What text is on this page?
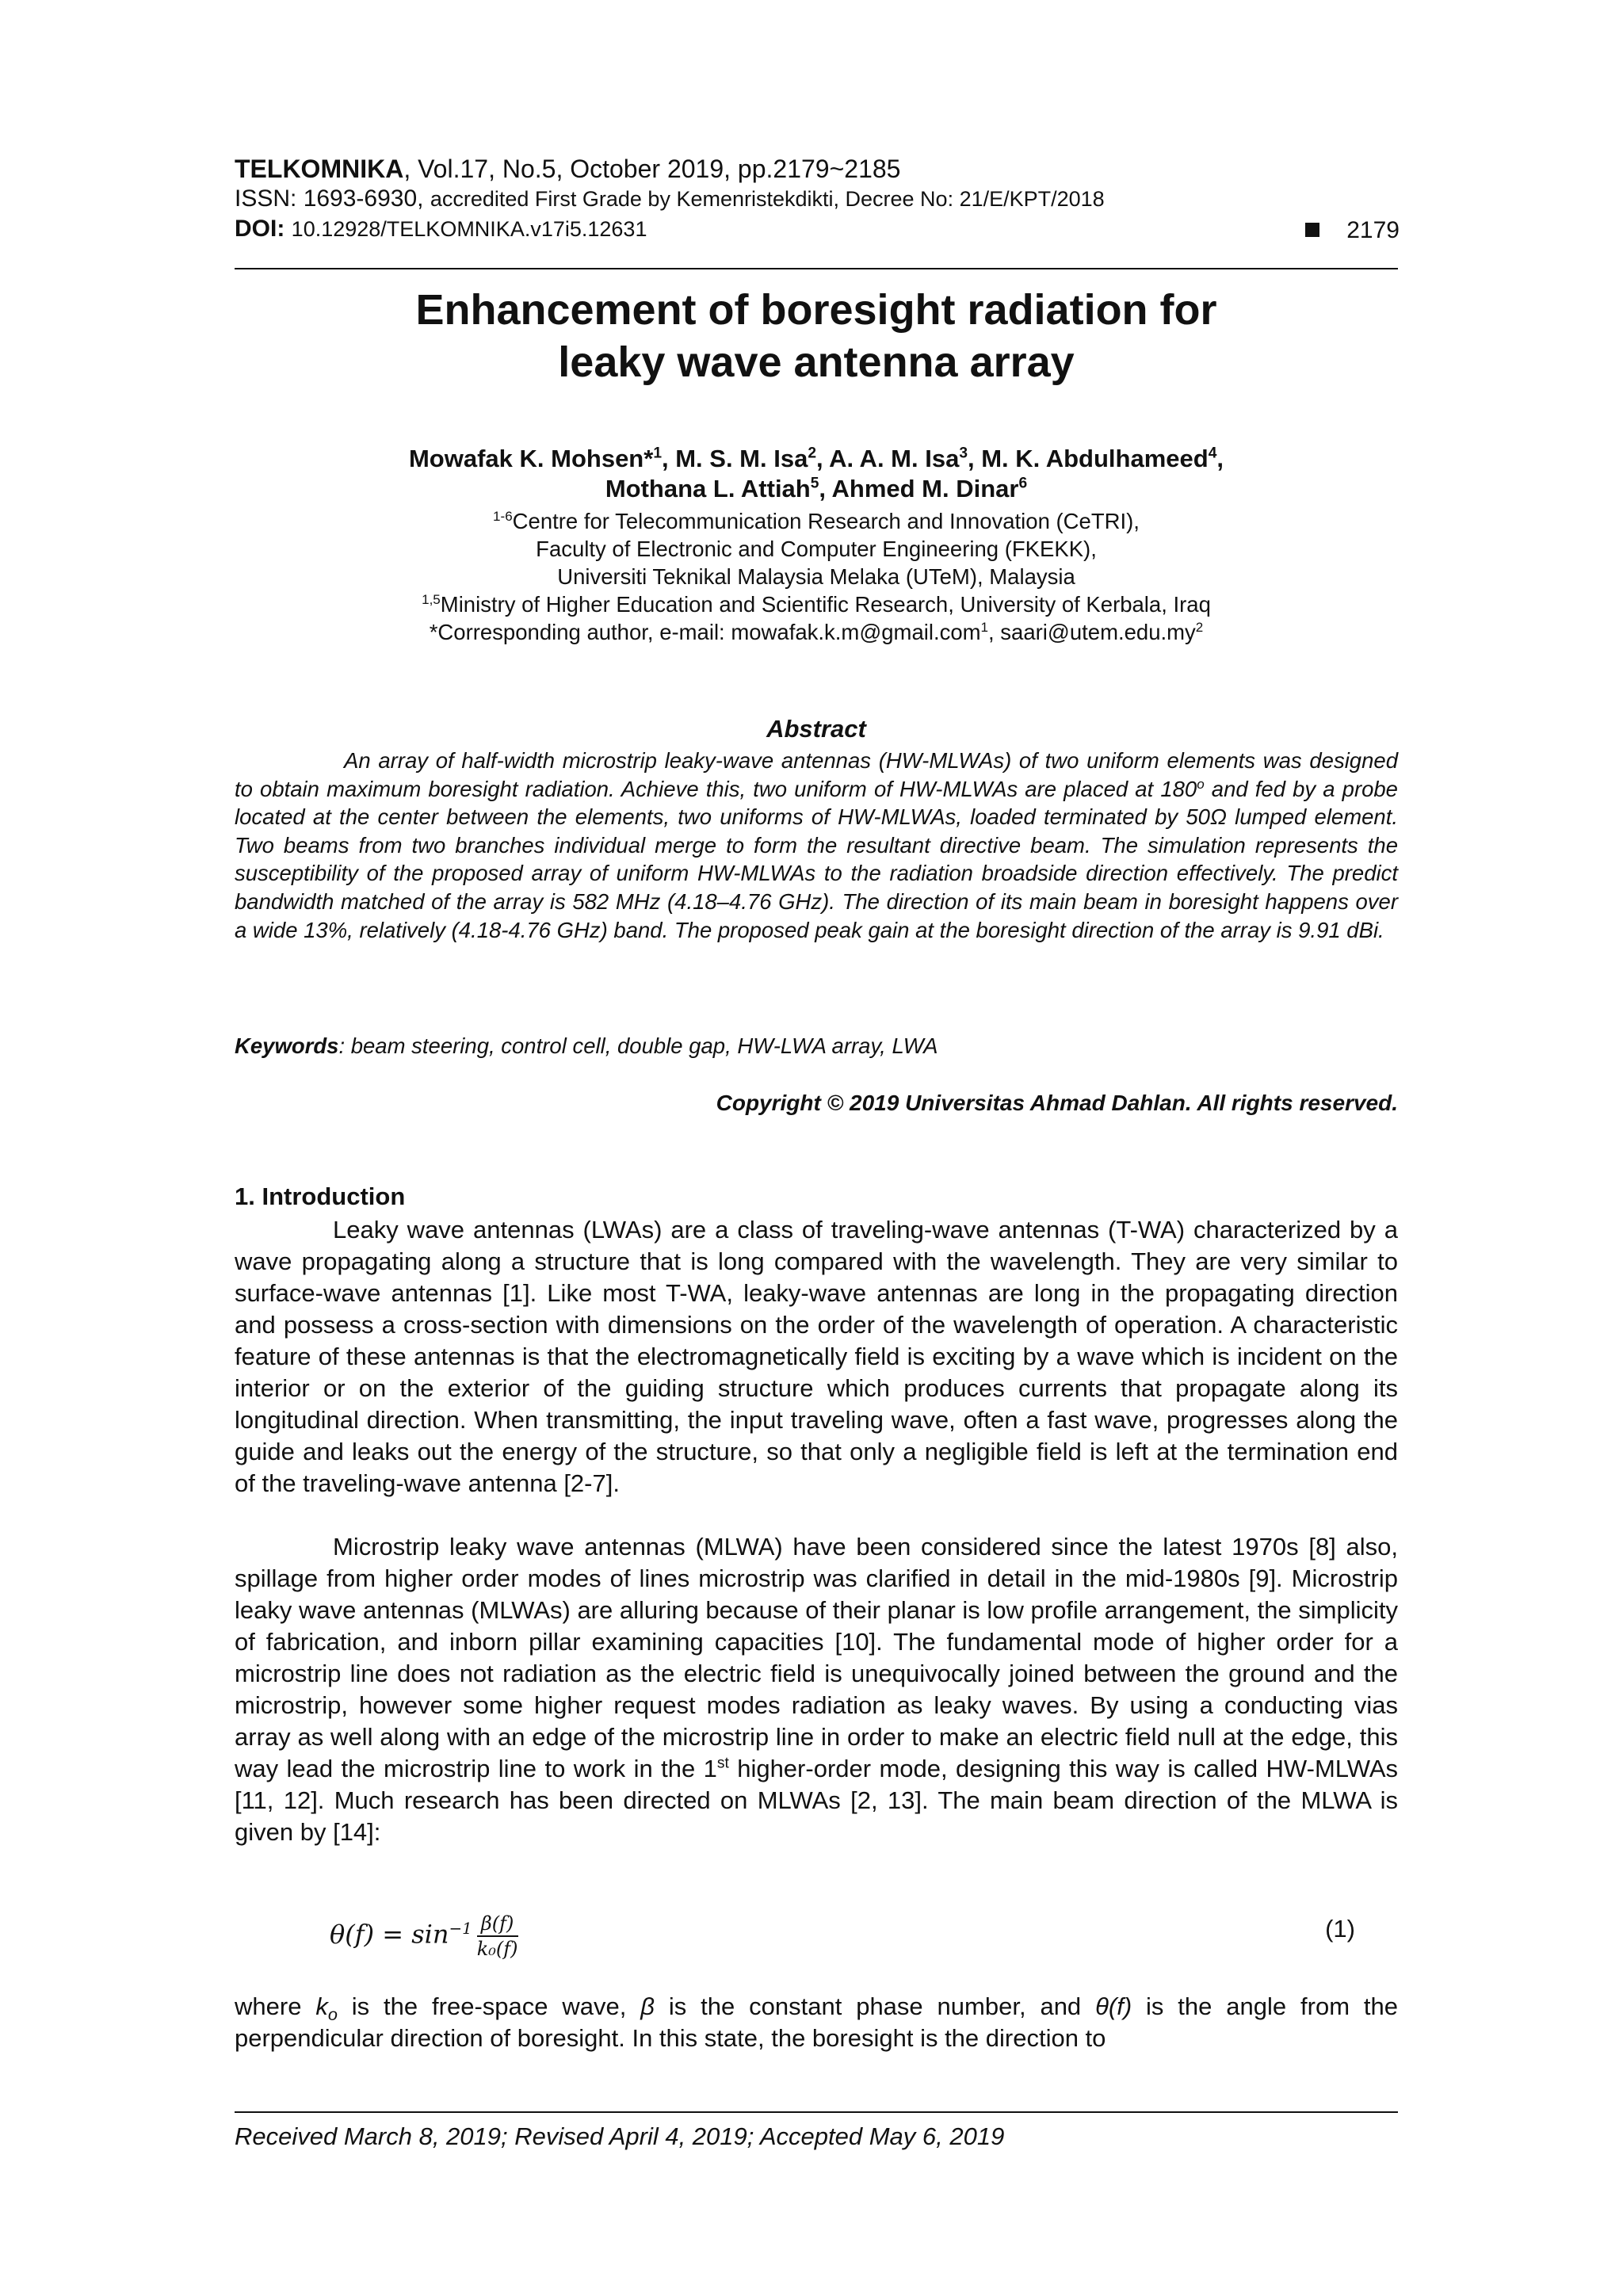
TELKOMNIKA, Vol.17, No.5, October 2019, pp.2179~2185
ISSN: 1693-6930, accredited First Grade by Kemenristekdikti, Decree No: 21/E/KPT/2018
DOI: 10.12928/TELKOMNIKA.v17i5.12631	2179
Enhancement of boresight radiation for
leaky wave antenna array
Mowafak K. Mohsen*$^1$, M. S. M. Isa$^2$, A. A. M. Isa$^3$, M. K. Abdulhameed$^4$,
Mothana L. Attiah$^5$, Ahmed M. Dinar$^6$
$^{1-6}$Centre for Telecommunication Research and Innovation (CeTRI),
Faculty of Electronic and Computer Engineering (FKEKK),
Universiti Teknikal Malaysia Melaka (UTeM), Malaysia
$^{1,5}$Ministry of Higher Education and Scientific Research, University of Kerbala, Iraq
*Corresponding author, e-mail: mowafak.k.m@gmail.com$^1$, $saari@utem.edu.my^2$
Abstract
An array of half-width microstrip leaky-wave antennas (HW-MLWAs) of two uniform elements was designed to obtain maximum boresight radiation. Achieve this, two uniform of HW-MLWAs are placed at 180$^o$ and fed by a probe located at the center between the elements, two uniforms of HW-MLWAs, loaded terminated by 50Ω lumped element. Two beams from two branches individual merge to form the resultant directive beam. The simulation represents the susceptibility of the proposed array of uniform HW-MLWAs to the radiation broadside direction effectively. The predict bandwidth matched of the array is 582 MHz (4.18–4.76 GHz). The direction of its main beam in boresight happens over a wide 13%, relatively (4.18-4.76 GHz) band. The proposed peak gain at the boresight direction of the array is 9.91 dBi.
Keywords: beam steering, control cell, double gap, HW-LWA array, LWA
Copyright © 2019 Universitas Ahmad Dahlan. All rights reserved.
1. Introduction

Leaky wave antennas (LWAs) are a class of traveling-wave antennas (T-WA) characterized by a wave propagating along a structure that is long compared with the wavelength. They are very similar to surface-wave antennas [1]. Like most T-WA, leaky-wave antennas are long in the propagating direction and possess a cross-section with dimensions on the order of the wavelength of operation. A characteristic feature of these antennas is that the electromagnetically field is exciting by a wave which is incident on the interior or on the exterior of the guiding structure which produces currents that propagate along its longitudinal direction. When transmitting, the input traveling wave, often a fast wave, progresses along the guide and leaks out the energy of the structure, so that only a negligible field is left at the termination end of the traveling-wave antenna [2-7].

Microstrip leaky wave antennas (MLWA) have been considered since the latest 1970s [8] also, spillage from higher order modes of lines microstrip was clarified in detail in the mid-1980s [9]. Microstrip leaky wave antennas (MLWAs) are alluring because of their planar is low profile arrangement, the simplicity of fabrication, and inborn pillar examining capacities [10]. The fundamental mode of higher order for a microstrip line does not radiation as the electric field is unequivocally joined between the ground and the microstrip, however some higher request modes radiation as leaky waves. By using a conducting vias array as well along with an edge of the microstrip line in order to make an electric field null at the edge, this way lead the microstrip line to work in the 1st higher-order mode, designing this way is called HW-MLWAs [11, 12]. Much research has been directed on MLWAs [2, 13]. The main beam direction of the MLWA is given by [14]:

$\theta(f) = \sin^{-1} \frac{\beta(f)}{\text{k₀(f)}}$	(1)

where $k_o$ is the free-space wave, β is the constant phase number, and θ(f) is the angle from the perpendicular direction of boresight. In this state, the boresight is the direction to

Received March 8, 2019; Revised April 4, 2019; Accepted May 6, 2019
